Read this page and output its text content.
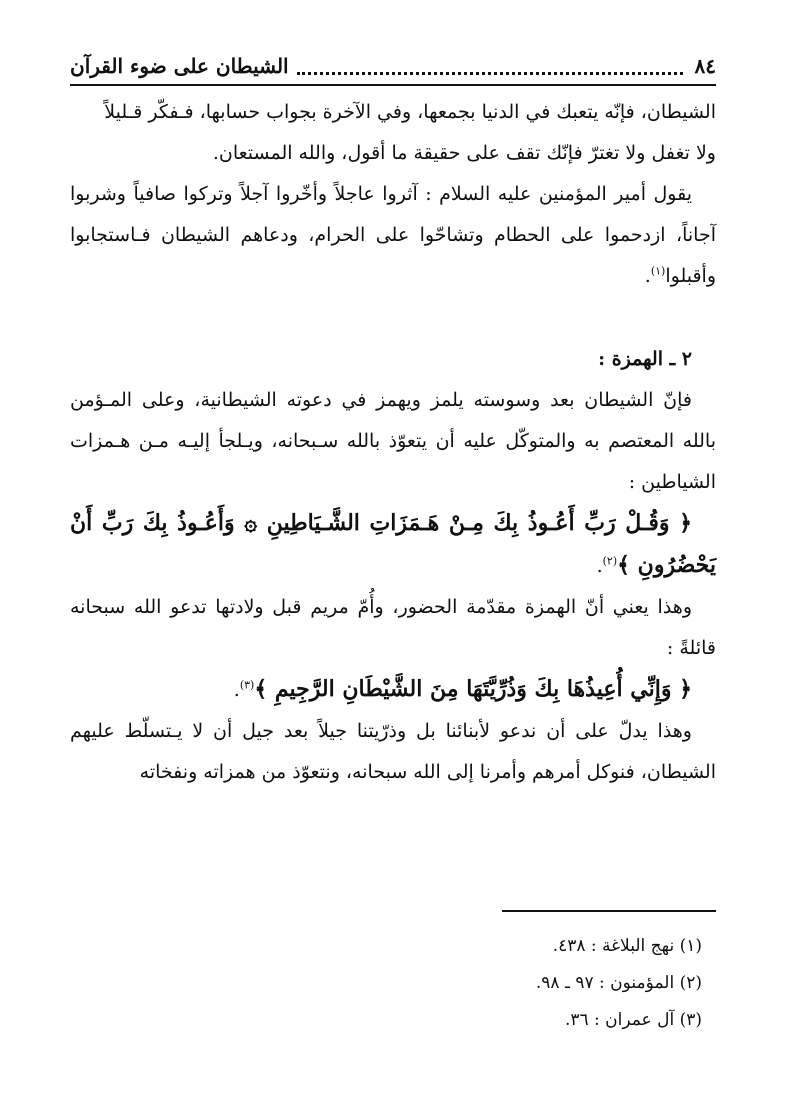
٨٤
الشيطان على ضوء القرآن

الشيطان، فإنّه يتعبك في الدنيا بجمعها، وفي الآخرة بجواب حسابها، فـفكّر قـليلاً

ولا تغفل ولا تغترّ فإنّك تقف على حقيقة ما أقول، والله المستعان.

يقول أمير المؤمنين عليه السلام : آثروا عاجلاً وأخّروا آجلاً وتركوا صافياً وشربوا آجاناً، ازدحموا على الحطام وتشاحّوا على الحرام، ودعاهم الشيطان فـاستجابوا وأقبلوا$^{(١)}$.

٢ ـ الهمزة :

فإنّ الشيطان بعد وسوسته يلمز ويهمز في دعوته الشيطانية، وعلى المـؤمن بالله المعتصم به والمتوكّل عليه أن يتعوّذ بالله سـبحانه، ويـلجأ إليـه مـن هـمزات الشياطين :

﴿ وَقُـلْ رَبِّ أَعُـوذُ بِكَ مِـنْ هَـمَزَاتِ الشَّـيَاطِينِ ۞ وَأَعُـوذُ بِكَ رَبِّ أَنْ يَحْضُرُونِ ﴾$^{(٢)}$.

وهذا يعني أنّ الهمزة مقدّمة الحضور، وأُمّ مريم قبل ولادتها تدعو الله سبحانه قائلةً :

﴿ وَإِنِّي أُعِيذُهَا بِكَ وَذُرِّيَّتَهَا مِنَ الشَّيْطَانِ الرَّجِيمِ ﴾$^{(٣)}$.

وهذا يدلّ على أن ندعو لأبنائنا بل وذرّيتنا جيلاً بعد جيل أن لا يـتسلّط عليهم الشيطان، فنوكل أمرهم وأمرنا إلى الله سبحانه، ونتعوّذ من همزاته ونفخاته

(١) نهج البلاغة : ٤٣٨.

(٢) المؤمنون : ٩٧ ـ ٩٨.

(٣) آل عمران : ٣٦.
